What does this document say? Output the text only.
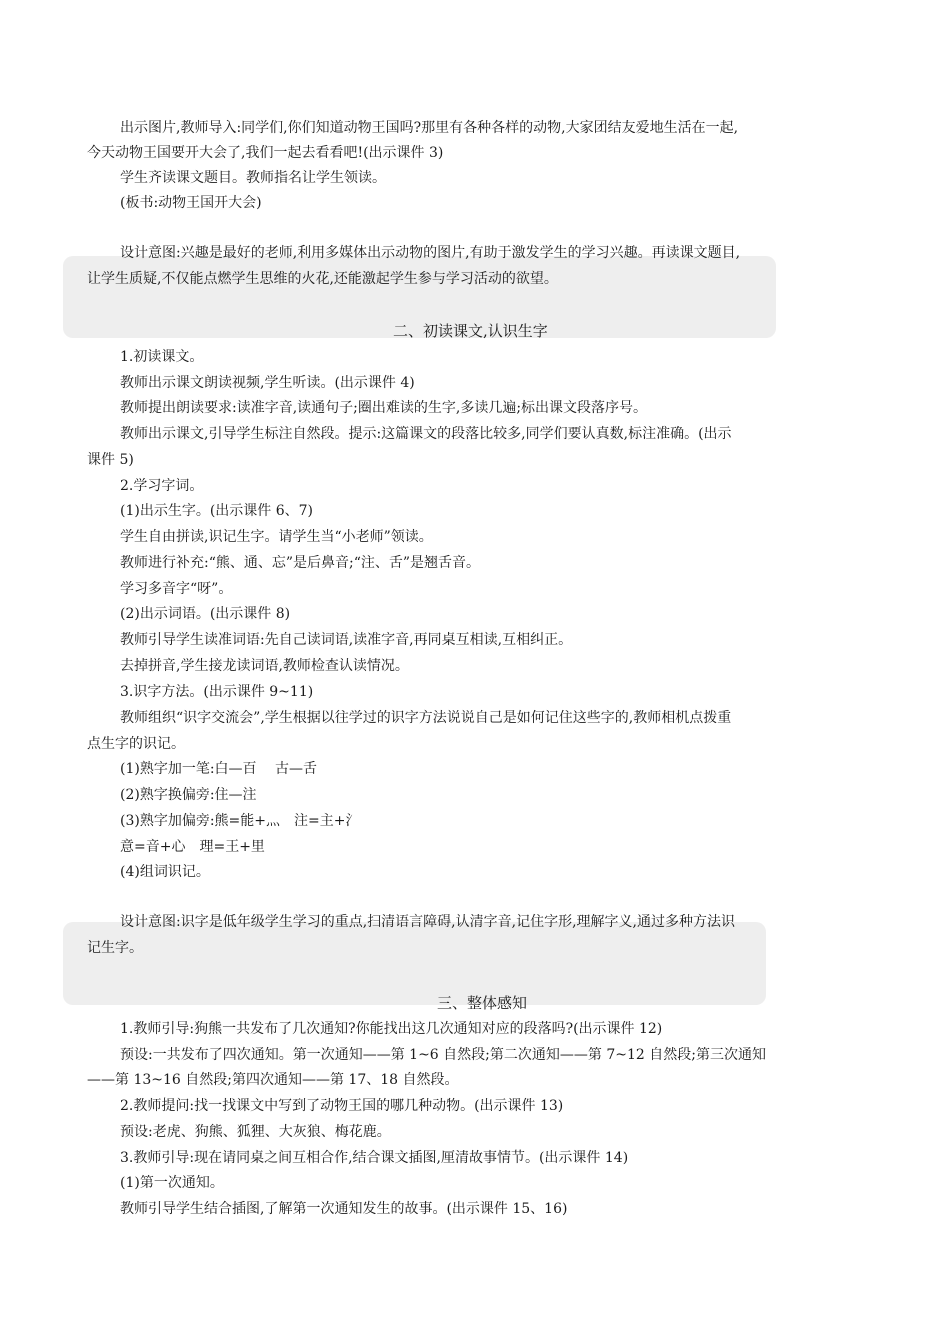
出示图片,教师导入:同学们,你们知道动物王国吗?那里有各种各样的动物,大家团结友爱地生活在一起,

今天动物王国要开大会了,我们一起去看看吧!(出示课件 3)

学生齐读课文题目。教师指名让学生领读。

(板书:动物王国开大会)

设计意图:兴趣是最好的老师,利用多媒体出示动物的图片,有助于激发学生的学习兴趣。再读课文题目,

让学生质疑,不仅能点燃学生思维的火花,还能激起学生参与学习活动的欲望。

二、初读课文,认识生字

1.初读课文。

教师出示课文朗读视频,学生听读。(出示课件 4)

教师提出朗读要求:读准字音,读通句子;圈出难读的生字,多读几遍;标出课文段落序号。

教师出示课文,引导学生标注自然段。提示:这篇课文的段落比较多,同学们要认真数,标注准确。(出示

课件 5)

2.学习字词。

(1)出示生字。(出示课件 6、7)

学生自由拼读,识记生字。请学生当“小老师”领读。

教师进行补充:“熊、通、忘”是后鼻音;“注、舌”是翘舌音。

学习多音字“呀”。

(2)出示词语。(出示课件 8)

教师引导学生读准词语:先自己读词语,读准字音,再同桌互相读,互相纠正。

去掉拼音,学生接龙读词语,教师检查认读情况。

3.识字方法。(出示课件 9~11)

教师组织“识字交流会”,学生根据以往学过的识字方法说说自己是如何记住这些字的,教师相机点拨重

点生字的识记。

(1)熟字加一笔:白—百　 古—舌

(2)熟字换偏旁:住—注

(3)熟字加偏旁:熊=能+灬　注=主+氵

意=音+心　理=王+里

(4)组词识记。

设计意图:识字是低年级学生学习的重点,扫清语言障碍,认清字音,记住字形,理解字义,通过多种方法识

记生字。

三、整体感知

1.教师引导:狗熊一共发布了几次通知?你能找出这几次通知对应的段落吗?(出示课件 12)

预设:一共发布了四次通知。第一次通知——第 1~6 自然段;第二次通知——第 7~12 自然段;第三次通知

——第 13~16 自然段;第四次通知——第 17、18 自然段。

2.教师提问:找一找课文中写到了动物王国的哪几种动物。(出示课件 13)

预设:老虎、狗熊、狐狸、大灰狼、梅花鹿。

3.教师引导:现在请同桌之间互相合作,结合课文插图,厘清故事情节。(出示课件 14)

(1)第一次通知。

教师引导学生结合插图,了解第一次通知发生的故事。(出示课件 15、16)
